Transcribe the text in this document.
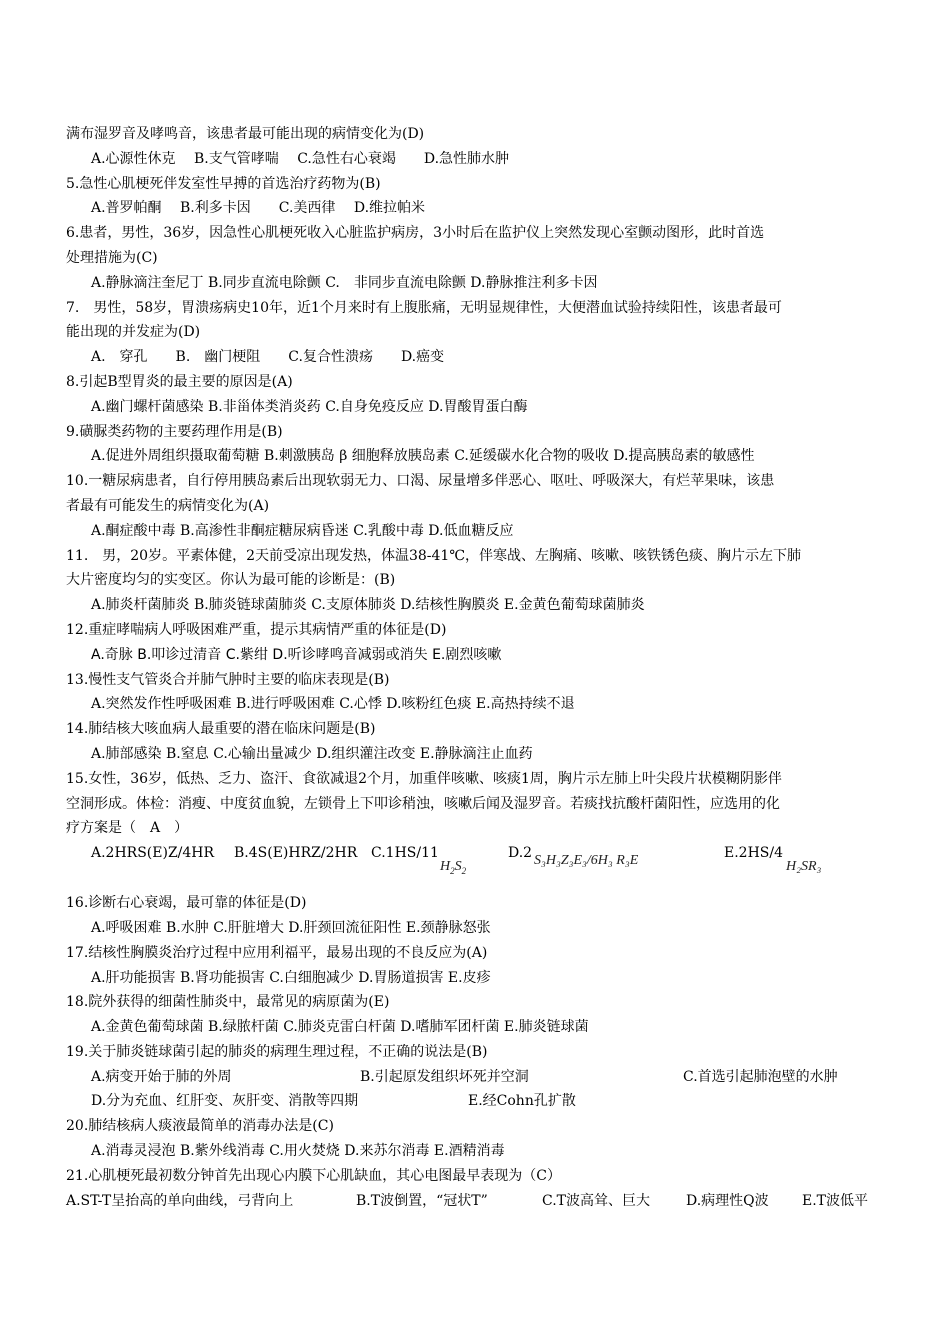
满布湿罗音及哮鸣音，该患者最可能出现的病情变化为(D)
A.心源性休克　 B.支气管哮喘　 C.急性右心衰竭　　D.急性肺水肿
5.急性心肌梗死伴发室性早搏的首选治疗药物为(B)
A.普罗帕酮　 B.利多卡因　　C.美西律　 D.维拉帕米
6.患者，男性，36岁，因急性心肌梗死收入心脏监护病房，3小时后在监护仪上突然发现心室颤动图形，此时首选
处理措施为(C)
A.静脉滴注奎尼丁 B.同步直流电除颤 C.　非同步直流电除颤 D.静脉推注利多卡因
7.　男性，58岁，胃溃疡病史10年，近1个月来时有上腹胀痛，无明显规律性，大便潜血试验持续阳性，该患者最可
能出现的并发症为(D)
A.　穿孔　　B.　幽门梗阻　　C.复合性溃疡　　D.癌变
8.引起B型胃炎的最主要的原因是(A)
A.幽门螺杆菌感染 B.非甾体类消炎药 C.自身免疫反应 D.胃酸胃蛋白酶
9.磺脲类药物的主要药理作用是(B)
A.促进外周组织摄取葡萄糖 B.刺激胰岛 β 细胞释放胰岛素 C.延缓碳水化合物的吸收 D.提高胰岛素的敏感性
10.一糖尿病患者，自行停用胰岛素后出现软弱无力、口渴、尿量增多伴恶心、呕吐、呼吸深大，有烂苹果味，该患
者最有可能发生的病情变化为(A)
A.酮症酸中毒 B.高渗性非酮症糖尿病昏迷 C.乳酸中毒 D.低血糖反应
11.　男，20岁。平素体健，2天前受凉出现发热，体温38-41℃，伴寒战、左胸痛、咳嗽、咳铁锈色痰、胸片示左下肺
大片密度均匀的实变区。你认为最可能的诊断是：(B)
A.肺炎杆菌肺炎 B.肺炎链球菌肺炎 C.支原体肺炎 D.结核性胸膜炎 E.金黄色葡萄球菌肺炎
12.重症哮喘病人呼吸困难严重，提示其病情严重的体征是(D)
A.奇脉 B.叩诊过清音 C.紫绀 D.听诊哮鸣音减弱或消失 E.剧烈咳嗽
13.慢性支气管炎合并肺气肿时主要的临床表现是(B)
A.突然发作性呼吸困难 B.进行呼吸困难 C.心悸 D.咳粉红色痰 E.高热持续不退
14.肺结核大咳血病人最重要的潜在临床问题是(B)
A.肺部感染 B.窒息 C.心输出量减少 D.组织灌注改变 E.静脉滴注止血药
15.女性，36岁，低热、乏力、盗汗、食欲减退2个月，加重伴咳嗽、咳痰1周，胸片示左肺上叶尖段片状模糊阴影伴
空洞形成。体检：消瘦、中度贫血貌，左锁骨上下叩诊稍浊，咳嗽后闻及湿罗音。若痰找抗酸杆菌阳性，应选用的化
疗方案是（　A　）
A.2HRS(E)Z/4HR B.4S(E)HRZ/2HR C.1HS/11
$H_2S_2$
D.2 S₃H₃Z₃E₃/6H₃ R₃E	E.2HS/4
H₂SR₃
16.诊断右心衰竭，最可靠的体征是(D)
A.呼吸困难 B.水肿 C.肝脏增大 D.肝颈回流征阳性 E.颈静脉怒张
17.结核性胸膜炎治疗过程中应用利福平，最易出现的不良反应为(A)
A.肝功能损害 B.肾功能损害 C.白细胞减少 D.胃肠道损害 E.皮疹
18.院外获得的细菌性肺炎中，最常见的病原菌为(E)
A.金黄色葡萄球菌 B.绿脓杆菌 C.肺炎克雷白杆菌 D.嗜肺军团杆菌 E.肺炎链球菌
19.关于肺炎链球菌引起的肺炎的病理生理过程，不正确的说法是(B)
A.病变开始于肺的外周	B.引起原发组织坏死并空洞	C.首选引起肺泡壁的水肿
D.分为充血、红肝变、灰肝变、消散等四期	E.经Cohn孔扩散
20.肺结核病人痰液最简单的消毒办法是(C)
A.消毒灵浸泡 B.紫外线消毒 C.用火焚烧 D.来苏尔消毒 E.酒精消毒
21.心肌梗死最初数分钟首先出现心内膜下心肌缺血，其心电图最早表现为（C）
A.ST-T呈抬高的单向曲线，弓背向上	B.T波倒置，“冠状T”	C.T波高耸、巨大	D.病理性Q波 E.T波低平
